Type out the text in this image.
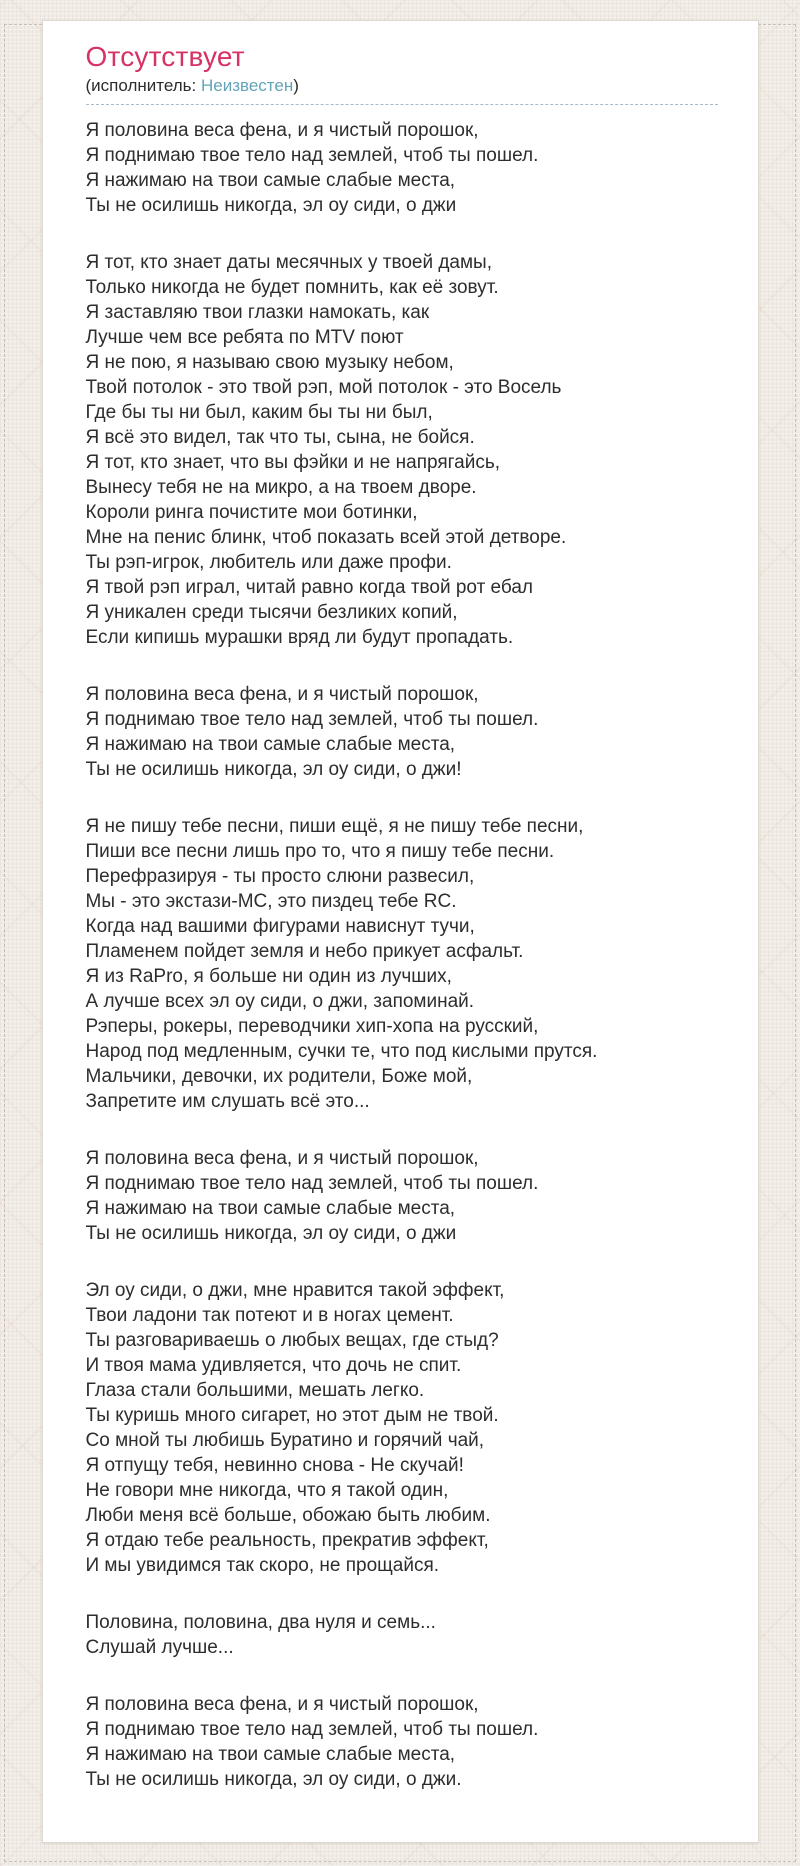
Отсутствует
(исполнитель: Неизвестен)

Я половина веса фена, и я чистый порошок,
Я поднимаю твое тело над землей, чтоб ты пошел.
Я нажимаю на твои самые слабые места,
Ты не осилишь никогда, эл оу сиди, о джи

Я тот, кто знает даты месячных у твоей дамы,
Только никогда не будет помнить, как её зовут.
Я заставляю твои глазки намокать, как
Лучше чем все ребята по MTV поют
Я не пою, я называю свою музыку небом,
Твой потолок - это твой рэп, мой потолок - это Восель
Где бы ты ни был, каким бы ты ни был,
Я всё это видел, так что ты, сына, не бойся.
Я тот, кто знает, что вы фэйки и не напрягайсь,
Вынесу тебя не на микро, а на твоем дворе.
Короли ринга почистите мои ботинки,
Мне на пенис блинк, чтоб показать всей этой детворе.
Ты рэп-игрок, любитель или даже профи.
Я твой рэп играл, читай равно когда твой рот ебал
Я уникален среди тысячи безликих копий,
Если кипишь мурашки вряд ли будут пропадать.

Я половина веса фена, и я чистый порошок,
Я поднимаю твое тело над землей, чтоб ты пошел.
Я нажимаю на твои самые слабые места,
Ты не осилишь никогда, эл оу сиди, о джи!

Я не пишу тебе песни, пиши ещё, я не пишу тебе песни,
Пиши все песни лишь про то, что я пишу тебе песни.
Перефразируя - ты просто слюни развесил,
Мы - это экстази-MC, это пиздец тебе RC.
Когда над вашими фигурами нависнут тучи,
Пламенем пойдет земля и небо прикует асфальт.
Я из RaPro, я больше ни один из лучших,
А лучше всех эл оу сиди, о джи, запоминай.
Рэперы, рокеры, переводчики хип-хопа на русский,
Народ под медленным, сучки те, что под кислыми прутся.
Мальчики, девочки, их родители, Боже мой,
Запретите им слушать всё это...

Я половина веса фена, и я чистый порошок,
Я поднимаю твое тело над землей, чтоб ты пошел.
Я нажимаю на твои самые слабые места,
Ты не осилишь никогда, эл оу сиди, о джи

Эл оу сиди, о джи, мне нравится такой эффект,
Твои ладони так потеют и в ногах цемент.
Ты разговариваешь о любых вещах, где стыд?
И твоя мама удивляется, что дочь не спит.
Глаза стали большими, мешать легко.
Ты куришь много сигарет, но этот дым не твой.
Со мной ты любишь Буратино и горячий чай,
Я отпущу тебя, невинно снова - Не скучай!
Не говори мне никогда, что я такой один,
Люби меня всё больше, обожаю быть любим.
Я отдаю тебе реальность, прекратив эффект,
И мы увидимся так скоро, не прощайся.

Половина, половина, два нуля и семь...
Слушай лучше...

Я половина веса фена, и я чистый порошок,
Я поднимаю твое тело над землей, чтоб ты пошел.
Я нажимаю на твои самые слабые места,
Ты не осилишь никогда, эл оу сиди, о джи.
